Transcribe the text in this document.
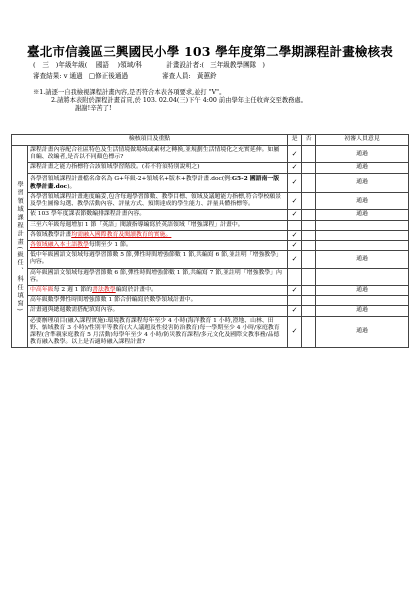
臺北市信義區三興國民小學 103 學年度第二學期課程計畫檢核表
( 三 )年級年級( 國語 )領域/科	計畫設計者:( 三年級教學團隊 )
審查結果: v 通過 □修正後通過	審查人員: 黃蕙鈴
※1.請逐一自我檢視課程計畫內容,是否符合本表各項要求,並打 "V"。
2.請將本表附於課程計畫首頁,於 103. 02.04(三)下午 4:00 前由學年主任收齊交至教務處。
謝謝!辛苦了!
檢核項目及重點		是	否	初審人員意見
學習領域課程計畫(級任、科任填寫)	課程計畫內容配合社區特色及生活情境做場域或素材之轉換,並規劃生活情境化之充實延伸。如屬自編、改編者,是否以不同顏色標示?	✓		通過
	課程計畫之能力指標符合該領域學習階段。(若不符須特別說明之)	✓		通過
	各學習領域課程計畫檔名命名為 G+年級-2+領域名+版本+教學計畫.doc(例:G5-2 國語南一版教學計畫.doc)。	✓		通過
	各學習領域課程計畫進度編妥,包含每週學習節數、教學目標、領域及議題能力指標,符合學校願景及學生圖像勾選、教學活動內容、評量方式、預期達成的學生能力、評量具體指標等。	✓		通過
	依 103 學年度課表節數編排課程計畫內容。	✓		通過
	三至六年級每週增加 1 節「英語」閱讀指導編寫於英語領域「增強課程」計畫中。			
	各領域教學計畫均需融入國際教育及閱讀教育的實施。	✓		
	各領域融入本土語教學每期至少 1 節。	✓		
	低中年級國語文領域每週學習節數 5 節,彈性時間增強節數 1 節,共編寫 6 節,並註明「增強教學」內容。	✓		通過
	高年級國語文領域每週學習節數 6 節,彈性時間增強節數 1 節,共編寫 7 節,並註明「增強教學」內容。			
	中高年級每 2 週 1 節的書法教學編寫於計畫中。	✓		通過
	高年級數學彈性時間增強節數 1 節合併編寫於數學領域計畫中。			
	計畫週與總週數需搭配填寫內容。	✓		通過
	必要辦理項目(融入課程實施):環境教育課程每年至少 4 小時(海洋教育 1 小時,澄地、山林、田野、惦域教育 3 小時)/性別平等教育(大人議題及性侵害防治教育)每一學期至少 4 小時/家庭教育課程(含準親家庭教育 5 月活動)每學年至少 4 小時/防災教育課程/多元文化及國際文教事務/品德教育融入教學。以上是否適時融入課程計畫?	✓		通過
